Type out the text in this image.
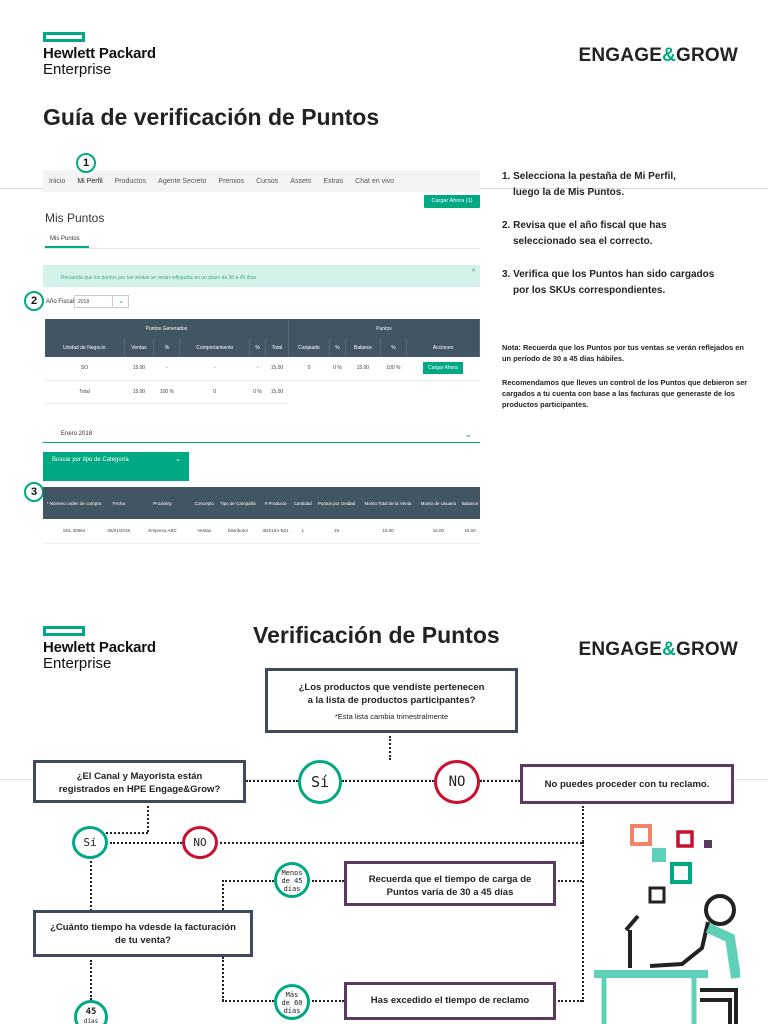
Hewlett Packard
Enterprise
ENGAGE&GROW
Guía de verificación de Puntos
Inicio Mi Perfil Productos Agente Secreto Premios Cursos Assets Extras Chat en vivo
1
Cargar Ahora (1)
Mis Puntos
Mis Puntos
Recuerda que los puntos por tus ventas se verán reflejados en un plazo de 30 a 45 días
✕
2	Año Fiscal 2018	⌄
Puntos Generados						Puntos				
Unidad de Negocio	Ventas	%	Comportamiento	%	Total	Canjeado	%	Balance	%	Acciones
SO	15.00	-	-	-	15.00	0	0 %	15.00	100 %	Cargar Ahora
Total	15.00	100 %	0	0 %	15.00					
Enero 2018	⌄
Buscar por tipo de Categoría	⌄
3
* Número orden de compra	Fecha	Proximity	Concepto	Tipo de Campaña	# Producto	Cantidad	Puntos por Unidad	Monto Total de la Venta	Monto de Usuario	Balance
SDL 30664	05/01/2018	Empresa ABC	Ventas	Distributor	3DS10A-B21	1	15	15.00	15.00	15.00
1. Selecciona la pestaña de Mi Perfil,
luego la de Mis Puntos.
2. Revisa que el año fiscal que has
seleccionado sea el correcto.
3. Verifica que los Puntos han sido cargados
por los SKUs correspondientes.
Nota: Recuerda que los Puntos por tus ventas se verán reflejados en un período de 30 a 45 días hábiles.
Recomendamos que lleves un control de los Puntos que debieron ser cargados a tu cuenta con base a las facturas que generaste de los productos participantes.
Hewlett Packard
Enterprise
Verificación de Puntos
ENGAGE&GROW
¿Los productos que vendiste pertenecen a la lista de productos participantes?
*Esta lista cambia trimestralmente
¿El Canal y Mayorista están registrados en HPE Engage&Grow?	Sí	NO	No puedes proceder con tu reclamo.
Sí	NO
Menos
de 45
días
Recuerda que el tiempo de carga de Puntos varía de 30 a 45 días
¿Cuánto tiempo ha vdesde la facturación de tu venta?
Más
de 60
días
Has excedido el tiempo de reclamo
45
días
